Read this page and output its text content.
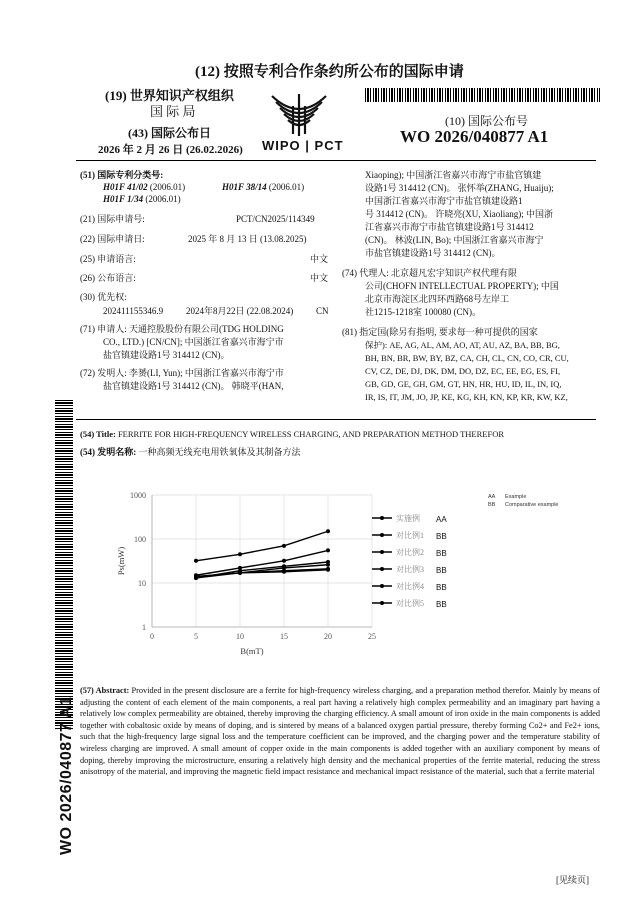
(12) 按照专利合作条约所公布的国际申请
(19) 世界知识产权组织
国 际 局
(43) 国际公布日
2026 年 2 月 26 日 (26.02.2026) WIPO | PCT
(10) 国际公布号
WO 2026/040877 A1
(51) 国际专利分类号:
H01F 41/02 (2006.01)	H01F 38/14 (2006.01)
H01F 1/34 (2006.01)
(21) 国际申请号:	PCT/CN2025/114349
(22) 国际申请日:	2025 年 8 月 13 日 (13.08.2025)
(25) 申请语言:	中文
(26) 公布语言:	中文
(30) 优先权:
202411155346.9	2024年8月22日 (22.08.2024)	CN
(71) 申请人: 天通控股股份有限公司(TDG HOLDING
CO., LTD.) [CN/CN]; 中国浙江省嘉兴市海宁市
盐官镇建设路1号 314412 (CN)。
(72) 发明人: 李赟(LI, Yun); 中国浙江省嘉兴市海宁市
盐官镇建设路1号 314412 (CN)。 韩晓平(HAN,
Xiaoping); 中国浙江省嘉兴市海宁市盐官镇建
设路1号 314412 (CN)。 张怀举(ZHANG, Huaiju);
中国浙江省嘉兴市海宁市盐官镇建设路1
号 314412 (CN)。 许晓亮(XU, Xiaoliang); 中国浙
江省嘉兴市海宁市盐官镇建设路1号 314412
(CN)。 林波(LIN, Bo); 中国浙江省嘉兴市海宁
市盐官镇建设路1号 314412 (CN)。
(74) 代理人: 北京超凡宏宇知识产权代理有限
公司(CHOFN INTELLECTUAL PROPERTY); 中国
北京市海淀区北四环西路68号左岸工
社1215-1218室 100080 (CN)。
(81) 指定国(除另有指明, 要求每一种可提供的国家
保护): AE, AG, AL, AM, AO, AT, AU, AZ, BA, BB, BG,
BH, BN, BR, BW, BY, BZ, CA, CH, CL, CN, CO, CR, CU,
CV, CZ, DE, DJ, DK, DM, DO, DZ, EC, EE, EG, ES, FI,
GB, GD, GE, GH, GM, GT, HN, HR, HU, ID, IL, IN, IQ,
IR, IS, IT, JM, JO, JP, KE, KG, KH, KN, KP, KR, KW, KZ,
(54) Title: FERRITE FOR HIGH-FREQUENCY WIRELESS CHARGING, AND PREPARATION METHOD THEREFOR
(54) 发明名称: 一种高频无线充电用铁氧体及其制备方法
1
10
100
1000
0	5	10	15	20	25
B(mT)
Ps(mW)
实施例 AA
对比例1 BB
对比例2 BB
对比例3 BB
对比例4 BB
对比例5 BB
AA Example
BB Comparative example
(57) Abstract: Provided in the present disclosure are a ferrite for high-frequency wireless charging, and a preparation method therefor. Mainly by means of adjusting the content of each element of the main components, a real part having a relatively high complex permeability and an imaginary part having a relatively low complex permeability are obtained, thereby improving the charging efficiency. A small amount of iron oxide in the main components is added together with cobaltosic oxide by means of doping, and is sintered by means of a balanced oxygen partial pressure, thereby forming Co2+ and Fe2+ ions, such that the high-frequency large signal loss and the temperature coefficient can be improved, and the charging power and the temperature stability of wireless charging are improved. A small amount of copper oxide in the main components is added together with an auxiliary component by means of doping, thereby improving the microstructure, ensuring a relatively high density and the mechanical properties of the ferrite material, reducing the stress anisotropy of the material, and improving the magnetic field impact resistance and mechanical impact resistance of the material, such that a ferrite material
WO 2026/040877 A1
[见续页]
